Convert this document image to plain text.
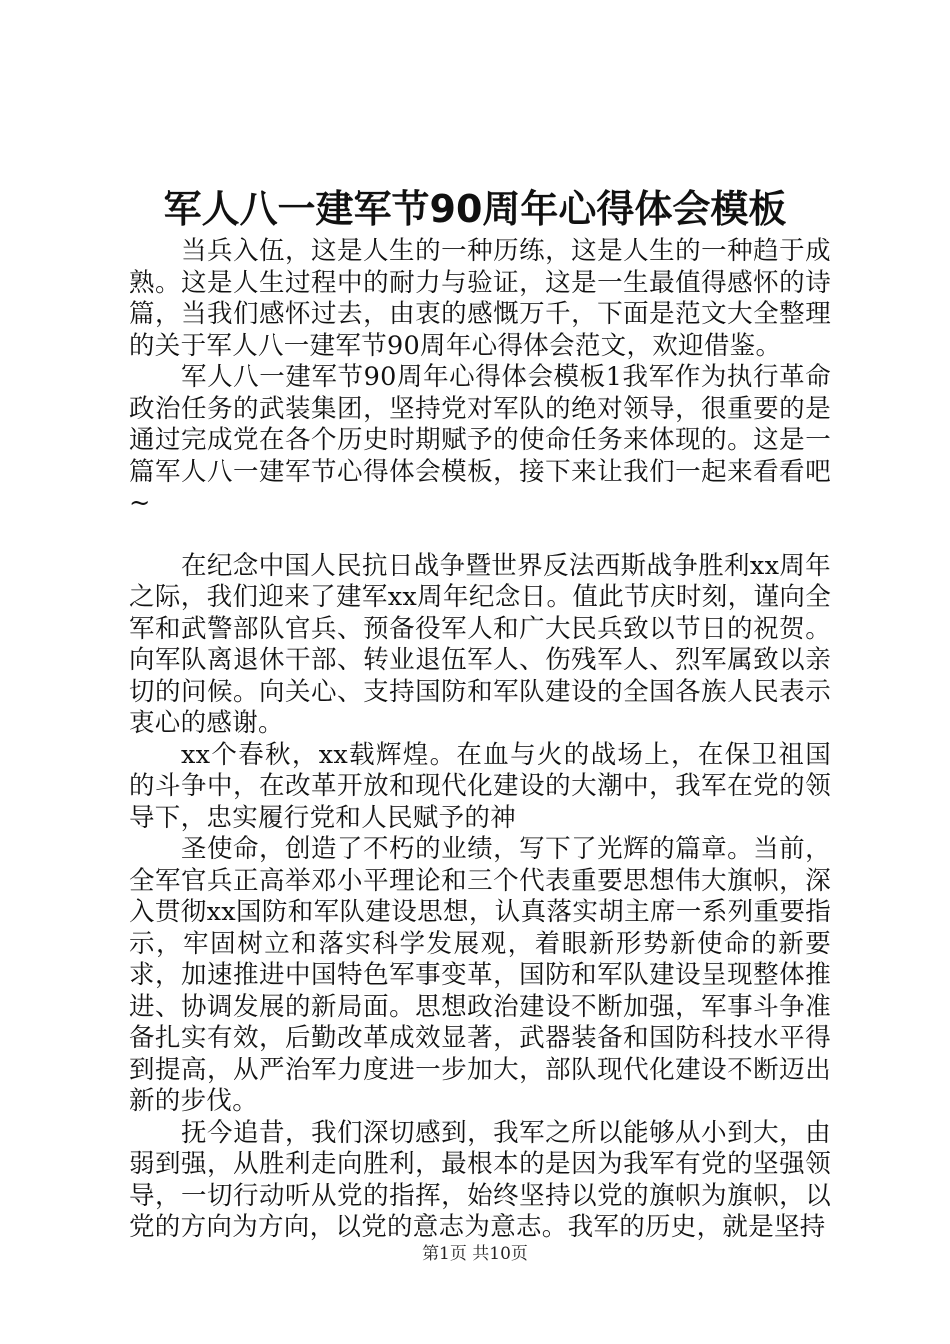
军人八一建军节90周年心得体会模板

当兵入伍，这是人生的一种历练，这是人生的一种趋于成熟。这是人生过程中的耐力与验证，这是一生最值得感怀的诗篇，当我们感怀过去，由衷的感慨万千，下面是范文大全整理的关于军人八一建军节90周年心得体会范文，欢迎借鉴。

军人八一建军节90周年心得体会模板1我军作为执行革命政治任务的武装集团，坚持党对军队的绝对领导，很重要的是通过完成党在各个历史时期赋予的使命任务来体现的。这是一篇军人八一建军节心得体会模板，接下来让我们一起来看看吧~

在纪念中国人民抗日战争暨世界反法西斯战争胜利xx周年之际，我们迎来了建军xx周年纪念日。值此节庆时刻，谨向全军和武警部队官兵、预备役军人和广大民兵致以节日的祝贺。向军队离退休干部、转业退伍军人、伤残军人、烈军属致以亲切的问候。向关心、支持国防和军队建设的全国各族人民表示衷心的感谢。

xx个春秋，xx载辉煌。在血与火的战场上，在保卫祖国的斗争中，在改革开放和现代化建设的大潮中，我军在党的领导下，忠实履行党和人民赋予的神

圣使命，创造了不朽的业绩，写下了光辉的篇章。当前，全军官兵正高举邓小平理论和三个代表重要思想伟大旗帜，深入贯彻xx国防和军队建设思想，认真落实胡主席一系列重要指示，牢固树立和落实科学发展观，着眼新形势新使命的新要求，加速推进中国特色军事变革，国防和军队建设呈现整体推进、协调发展的新局面。思想政治建设不断加强，军事斗争准备扎实有效，后勤改革成效显著，武器装备和国防科技水平得到提高，从严治军力度进一步加大，部队现代化建设不断迈出新的步伐。

抚今追昔，我们深切感到，我军之所以能够从小到大，由弱到强，从胜利走向胜利，最根本的是因为我军有党的坚强领导，一切行动听从党的指挥，始终坚持以党的旗帜为旗帜，以党的方向为方向，以党的意志为意志。我军的历史，就是坚持

第1页 共10页
